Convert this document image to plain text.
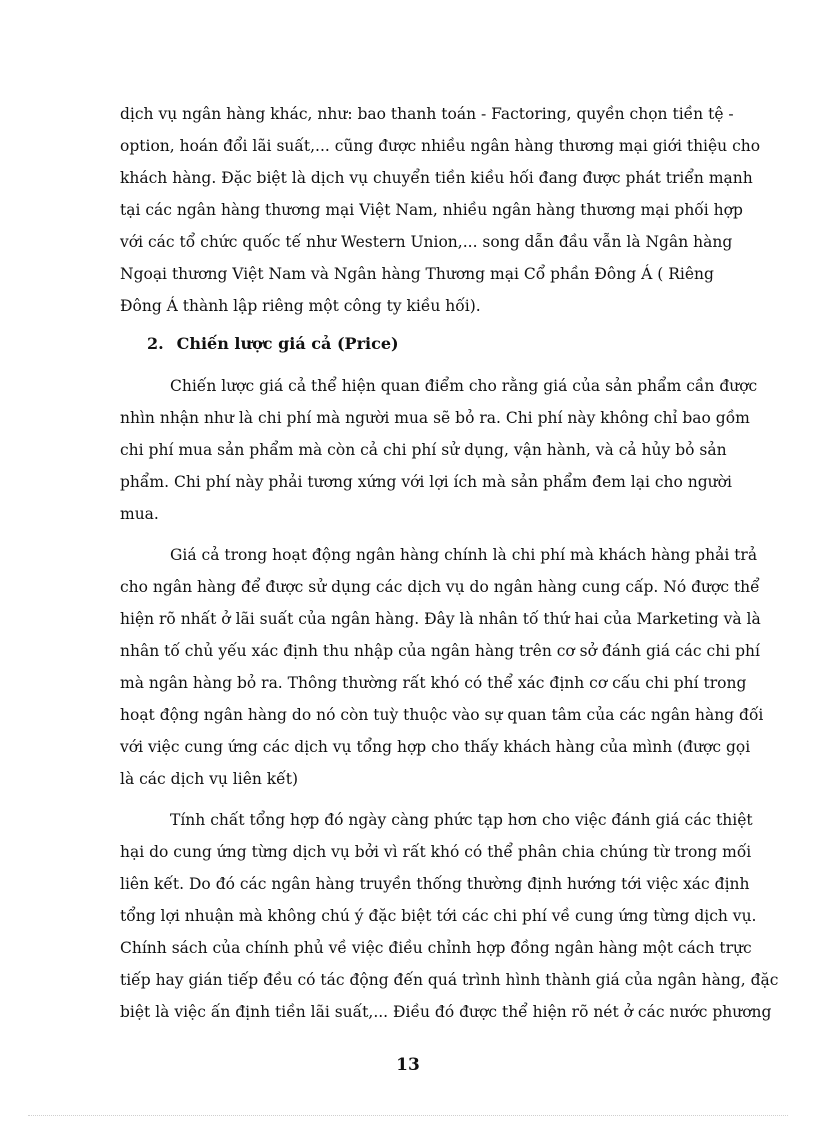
dịch vụ ngân hàng khác, như: bao thanh toán - Factoring, quyền chọn tiền tệ -
option, hoán đổi lãi suất,... cũng được nhiều ngân hàng thương mại giới thiệu cho
khách hàng. Đặc biệt là dịch vụ chuyển tiền kiều hối đang được phát triển mạnh
tại các ngân hàng thương mại Việt Nam, nhiều ngân hàng thương mại phối hợp
với các tổ chức quốc tế như Western Union,... song dẫn đầu vẫn là Ngân hàng
Ngoại thương Việt Nam và Ngân hàng Thương mại Cổ phần Đông Á ( Riêng
Đông Á thành lập riêng một công ty kiều hối).
2. Chiến lược giá cả (Price)
Chiến lược giá cả thể hiện quan điểm cho rằng giá của sản phẩm cần được
nhìn nhận như là chi phí mà người mua sẽ bỏ ra. Chi phí này không chỉ bao gồm
chi phí mua sản phẩm mà còn cả chi phí sử dụng, vận hành, và cả hủy bỏ sản
phẩm. Chi phí này phải tương xứng với lợi ích mà sản phẩm đem lại cho người
mua.
Giá cả trong hoạt động ngân hàng chính là chi phí mà khách hàng phải trả
cho ngân hàng để được sử dụng các dịch vụ do ngân hàng cung cấp. Nó được thể
hiện rõ nhất ở lãi suất của ngân hàng. Đây là nhân tố thứ hai của Marketing và là
nhân tố chủ yếu xác định thu nhập của ngân hàng trên cơ sở đánh giá các chi phí
mà ngân hàng bỏ ra. Thông thường rất khó có thể xác định cơ cấu chi phí trong
hoạt động ngân hàng do nó còn tuỳ thuộc vào sự quan tâm của các ngân hàng đối
với việc cung ứng các dịch vụ tổng hợp cho thấy khách hàng của mình (được gọi
là các dịch vụ liên kết)
Tính chất tổng hợp đó ngày càng phức tạp hơn cho việc đánh giá các thiệt
hại do cung ứng từng dịch vụ bởi vì rất khó có thể phân chia chúng từ trong mối
liên kết. Do đó các ngân hàng truyền thống thường định hướng tới việc xác định
tổng lợi nhuận mà không chú ý đặc biệt tới các chi phí về cung ứng từng dịch vụ.
Chính sách của chính phủ về việc điều chỉnh hợp đồng ngân hàng một cách trực
tiếp hay gián tiếp đều có tác động đến quá trình hình thành giá của ngân hàng, đặc
biệt là việc ấn định tiền lãi suất,... Điều đó được thể hiện rõ nét ở các nước phương
13
